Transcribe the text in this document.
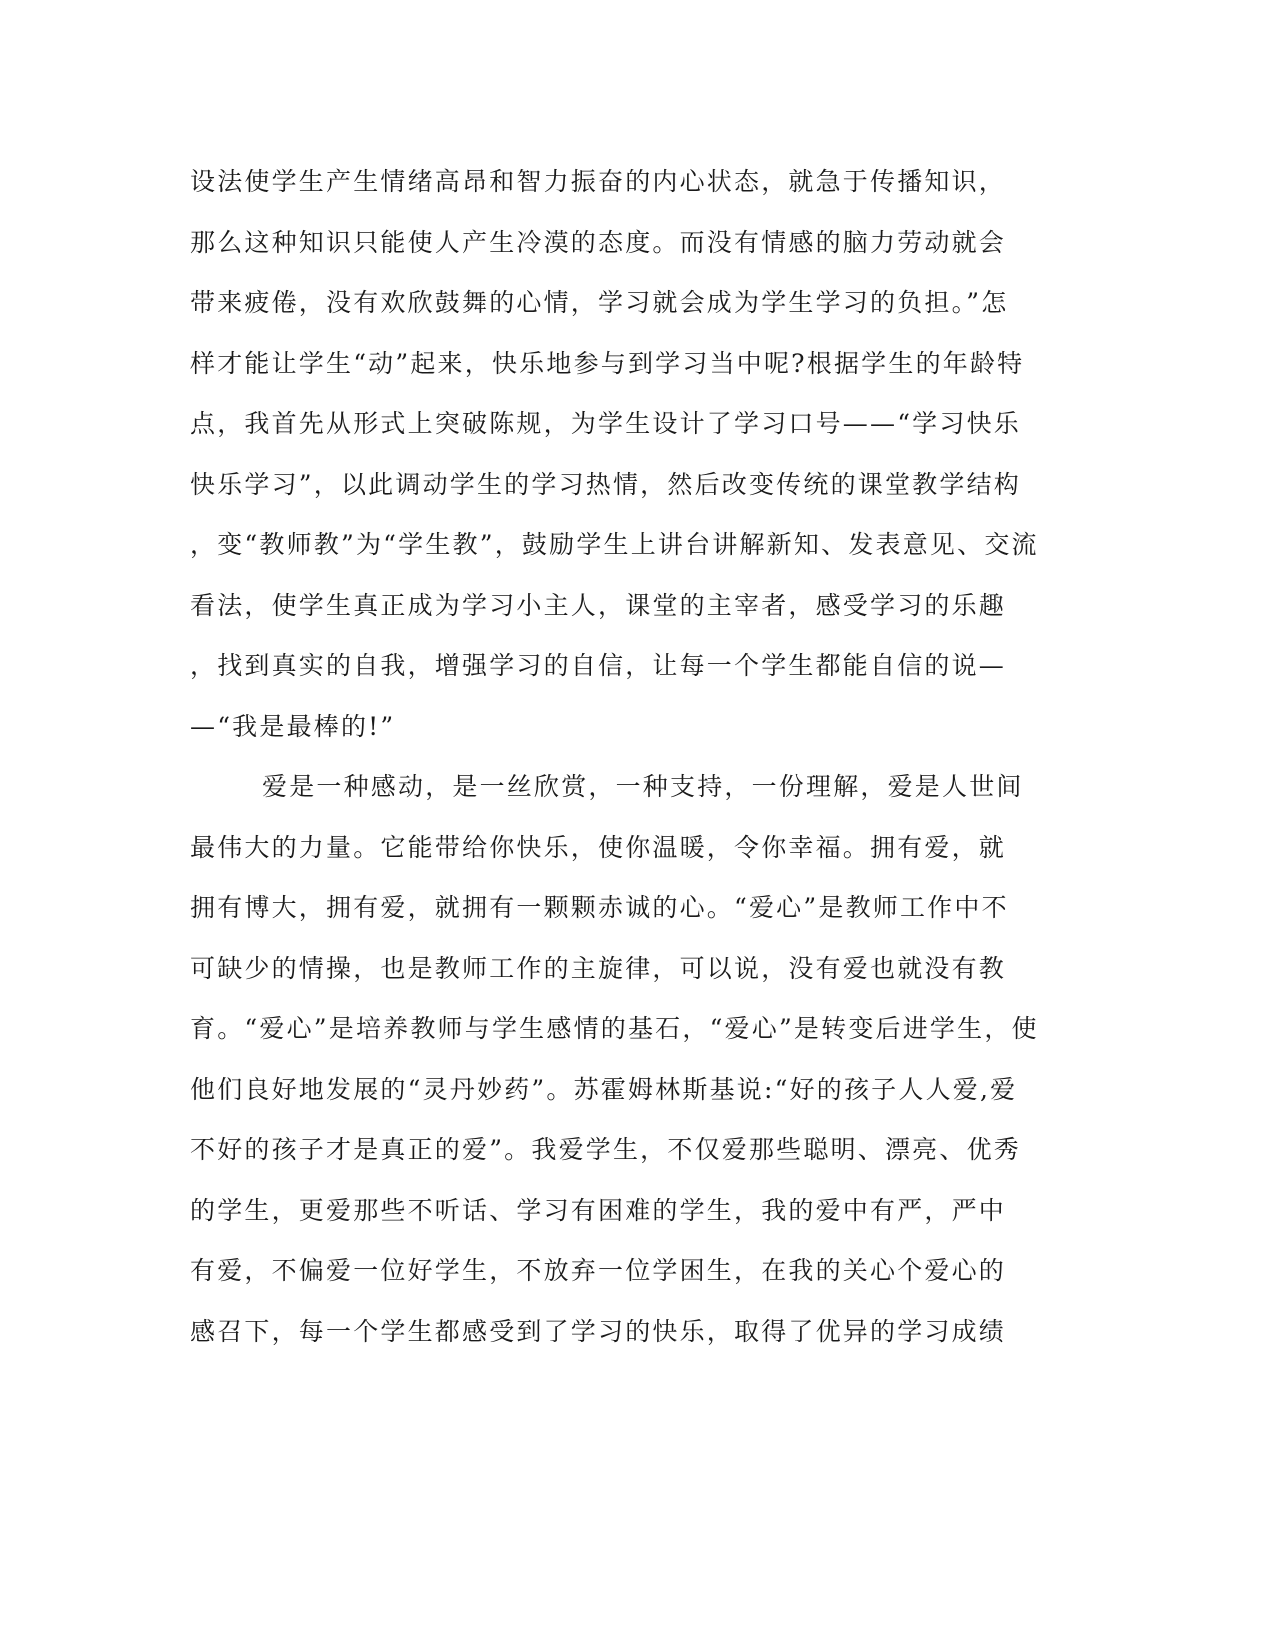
设法使学生产生情绪高昂和智力振奋的内心状态，就急于传播知识，
那么这种知识只能使人产生冷漠的态度。而没有情感的脑力劳动就会
带来疲倦，没有欢欣鼓舞的心情，学习就会成为学生学习的负担。”怎
样才能让学生“动”起来，快乐地参与到学习当中呢?根据学生的年龄特
点，我首先从形式上突破陈规，为学生设计了学习口号——“学习快乐
快乐学习”，以此调动学生的学习热情，然后改变传统的课堂教学结构
，变“教师教”为“学生教”，鼓励学生上讲台讲解新知、发表意见、交流
看法，使学生真正成为学习小主人，课堂的主宰者，感受学习的乐趣
，找到真实的自我，增强学习的自信，让每一个学生都能自信的说—
—“我是最棒的!”
爱是一种感动，是一丝欣赏，一种支持，一份理解，爱是人世间
最伟大的力量。它能带给你快乐，使你温暖，令你幸福。拥有爱，就
拥有博大，拥有爱，就拥有一颗颗赤诚的心。“爱心”是教师工作中不
可缺少的情操，也是教师工作的主旋律，可以说，没有爱也就没有教
育。“爱心”是培养教师与学生感情的基石，“爱心”是转变后进学生，使
他们良好地发展的“灵丹妙药”。苏霍姆林斯基说:“好的孩子人人爱,爱
不好的孩子才是真正的爱”。我爱学生，不仅爱那些聪明、漂亮、优秀
的学生，更爱那些不听话、学习有困难的学生，我的爱中有严，严中
有爱，不偏爱一位好学生，不放弃一位学困生，在我的关心个爱心的
感召下，每一个学生都感受到了学习的快乐，取得了优异的学习成绩
